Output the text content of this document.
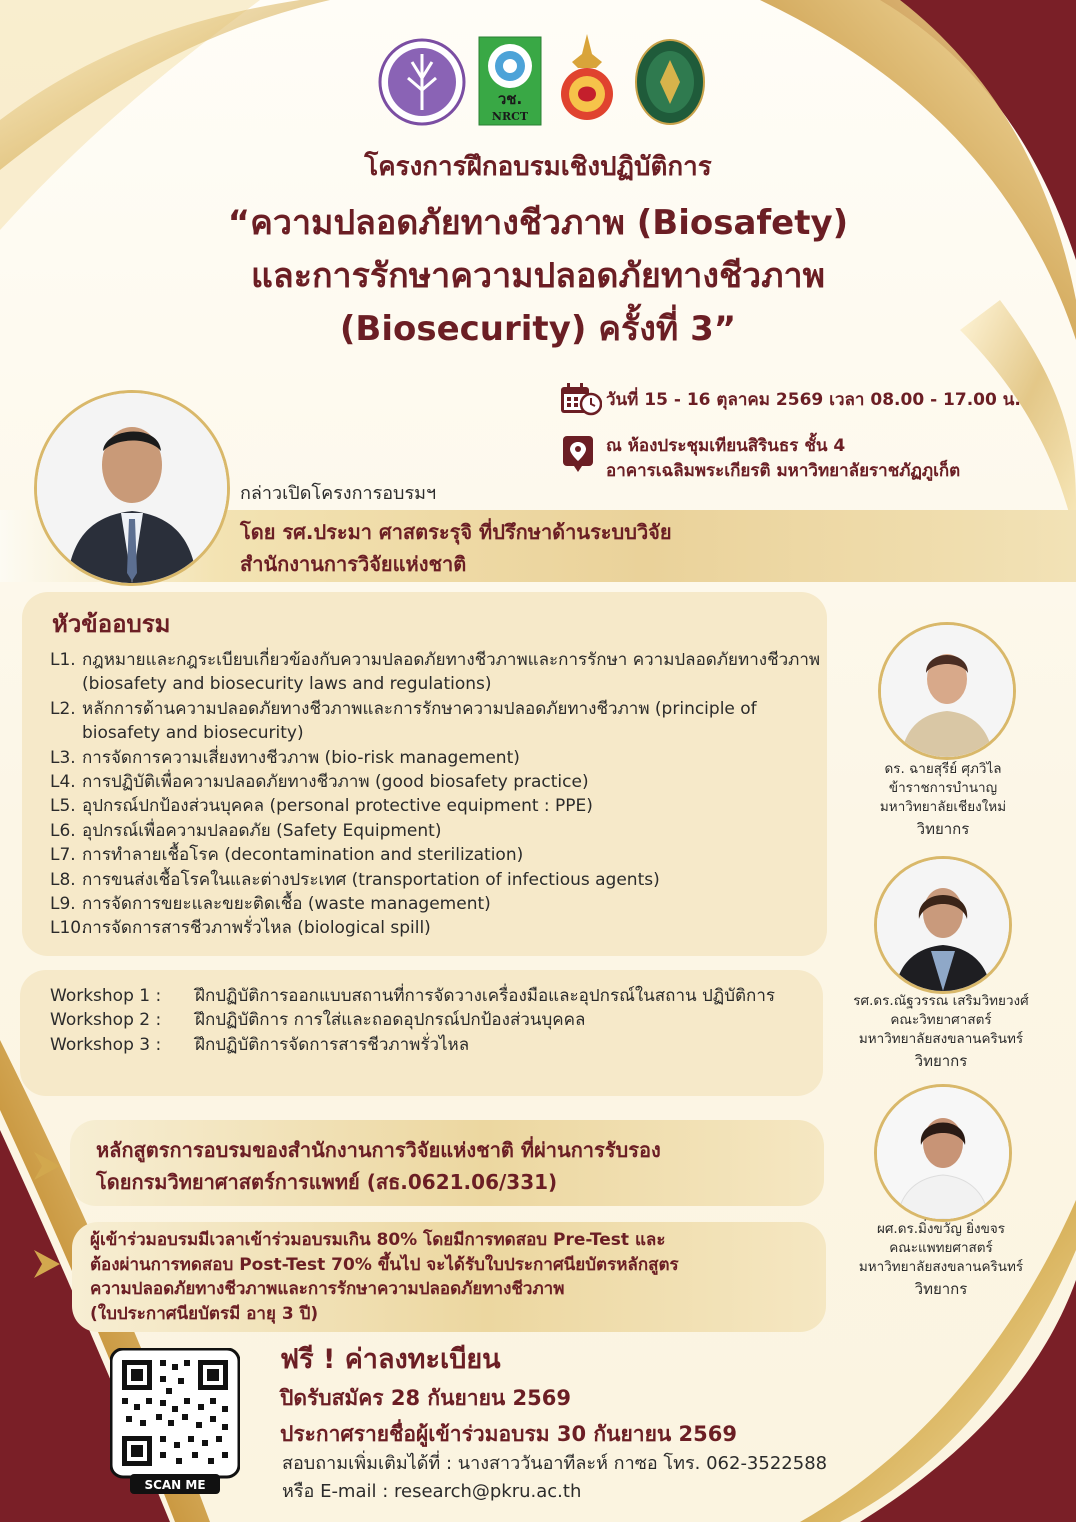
วช.
NRCT
โครงการฝึกอบรมเชิงปฏิบัติการ
“ความปลอดภัยทางชีวภาพ (Biosafety)
และการรักษาความปลอดภัยทางชีวภาพ
(Biosecurity) ครั้งที่ 3”
วันที่ 15 - 16 ตุลาคม 2569 เวลา 08.00 - 17.00 น.
ณ ห้องประชุมเทียนสิรินธร ชั้น 4
อาคารเฉลิมพระเกียรติ มหาวิทยาลัยราชภัฏภูเก็ต
กล่าวเปิดโครงการอบรมฯ
โดย รศ.ประมา ศาสตระรุจิ ที่ปรึกษาด้านระบบวิจัย
สำนักงานการวิจัยแห่งชาติ
หัวข้ออบรม
L1. กฎหมายและกฎระเบียบเกี่ยวข้องกับความปลอดภัยทางชีวภาพและการรักษา ความปลอดภัยทางชีวภาพ (biosafety and biosecurity laws and regulations)
L2. หลักการด้านความปลอดภัยทางชีวภาพและการรักษาความปลอดภัยทางชีวภาพ (principle of biosafety and biosecurity)
L3. การจัดการความเสี่ยงทางชีวภาพ (bio-risk management)
L4. การปฏิบัติเพื่อความปลอดภัยทางชีวภาพ (good biosafety practice)
L5. อุปกรณ์ปกป้องส่วนบุคคล (personal protective equipment : PPE)
L6. อุปกรณ์เพื่อความปลอดภัย (Safety Equipment)
L7. การทำลายเชื้อโรค (decontamination and sterilization)
L8. การขนส่งเชื้อโรคในและต่างประเทศ (transportation of infectious agents)
L9. การจัดการขยะและขยะติดเชื้อ (waste management)
L10.
การจัดการสารชีวภาพรั่วไหล (biological spill)
Workshop 1 :	ฝึกปฏิบัติการออกแบบสถานที่การจัดวางเครื่องมือและอุปกรณ์ในสถาน ปฏิบัติการ
Workshop 2 :	ฝึกปฏิบัติการ การใส่และถอดอุปกรณ์ปกป้องส่วนบุคคล
Workshop 3 :	ฝึกปฏิบัติการจัดการสารชีวภาพรั่วไหล
หลักสูตรการอบรมของสำนักงานการวิจัยแห่งชาติ ที่ผ่านการรับรอง
โดยกรมวิทยาศาสตร์การแพทย์ (สธ.0621.06/331)
ผู้เข้าร่วมอบรมมีเวลาเข้าร่วมอบรมเกิน 80% โดยมีการทดสอบ Pre-Test และ
ต้องผ่านการทดสอบ Post-Test 70% ขึ้นไป จะได้รับใบประกาศนียบัตรหลักสูตร
ความปลอดภัยทางชีวภาพและการรักษาความปลอดภัยทางชีวภาพ
(ใบประกาศนียบัตรมี อายุ 3 ปี)
ดร. ฉายสุรีย์ ศุภวิไล
ข้าราชการบำนาญ
มหาวิทยาลัยเชียงใหม่
วิทยากร
รศ.ดร.ณัฐวรรณ เสริมวิทยวงศ์
คณะวิทยาศาสตร์
มหาวิทยาลัยสงขลานครินทร์
วิทยากร
ผศ.ดร.มิ่งขวัญ ยิ่งขจร
คณะแพทยศาสตร์
มหาวิทยาลัยสงขลานครินทร์
วิทยากร
SCAN ME
ฟรี ! ค่าลงทะเบียน
ปิดรับสมัคร 28 กันยายน 2569
ประกาศรายชื่อผู้เข้าร่วมอบรม 30 กันยายน 2569
สอบถามเพิ่มเติมได้ที่ : นางสาววันอาทีละห์ กาซอ โทร. 062-3522588
หรือ E-mail : research@pkru.ac.th
